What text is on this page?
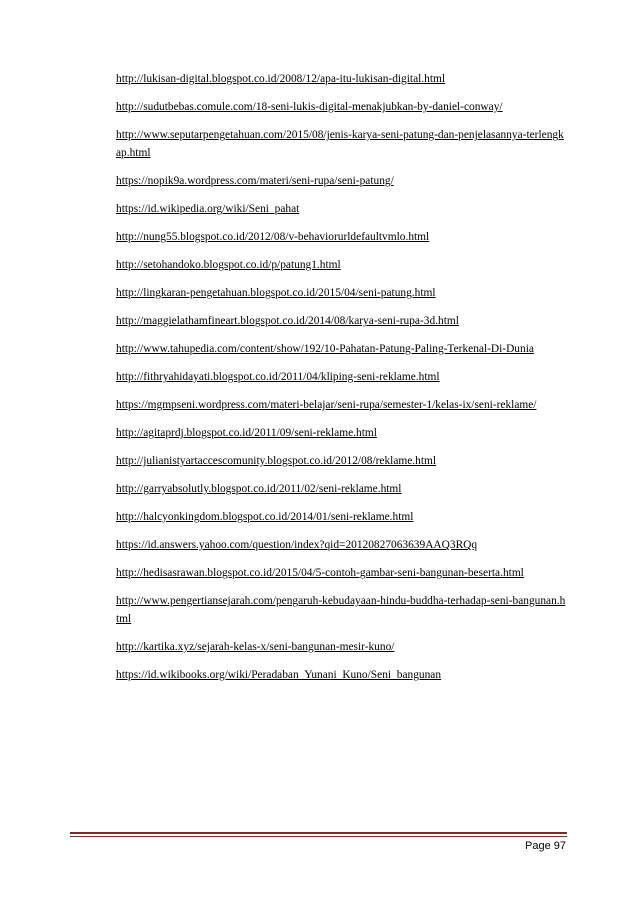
http://lukisan-digital.blogspot.co.id/2008/12/apa-itu-lukisan-digital.html
http://sudutbebas.comule.com/18-seni-lukis-digital-menakjubkan-by-daniel-conway/
http://www.seputarpengetahuan.com/2015/08/jenis-karya-seni-patung-dan-penjelasannya-terlengkap.html
https://nopik9a.wordpress.com/materi/seni-rupa/seni-patung/
https://id.wikipedia.org/wiki/Seni_pahat
http://nung55.blogspot.co.id/2012/08/v-behaviorurldefaultvmlo.html
http://setohandoko.blogspot.co.id/p/patung1.html
http://lingkaran-pengetahuan.blogspot.co.id/2015/04/seni-patung.html
http://maggielathamfineart.blogspot.co.id/2014/08/karya-seni-rupa-3d.html
http://www.tahupedia.com/content/show/192/10-Pahatan-Patung-Paling-Terkenal-Di-Dunia
http://fithryahidayati.blogspot.co.id/2011/04/kliping-seni-reklame.html
https://mgmpseni.wordpress.com/materi-belajar/seni-rupa/semester-1/kelas-ix/seni-reklame/
http://agitaprdj.blogspot.co.id/2011/09/seni-reklame.html
http://julianistyartaccescomunity.blogspot.co.id/2012/08/reklame.html
http://garryabsolutly.blogspot.co.id/2011/02/seni-reklame.html
http://halcyonkingdom.blogspot.co.id/2014/01/seni-reklame.html
https://id.answers.yahoo.com/question/index?qid=20120827063639AAQ3RQq
http://hedisasrawan.blogspot.co.id/2015/04/5-contoh-gambar-seni-bangunan-beserta.html
http://www.pengertiansejarah.com/pengaruh-kebudayaan-hindu-buddha-terhadap-seni-bangunan.html
http://kartika.xyz/sejarah-kelas-x/seni-bangunan-mesir-kuno/
https://id.wikibooks.org/wiki/Peradaban_Yunani_Kuno/Seni_bangunan
Page 97
